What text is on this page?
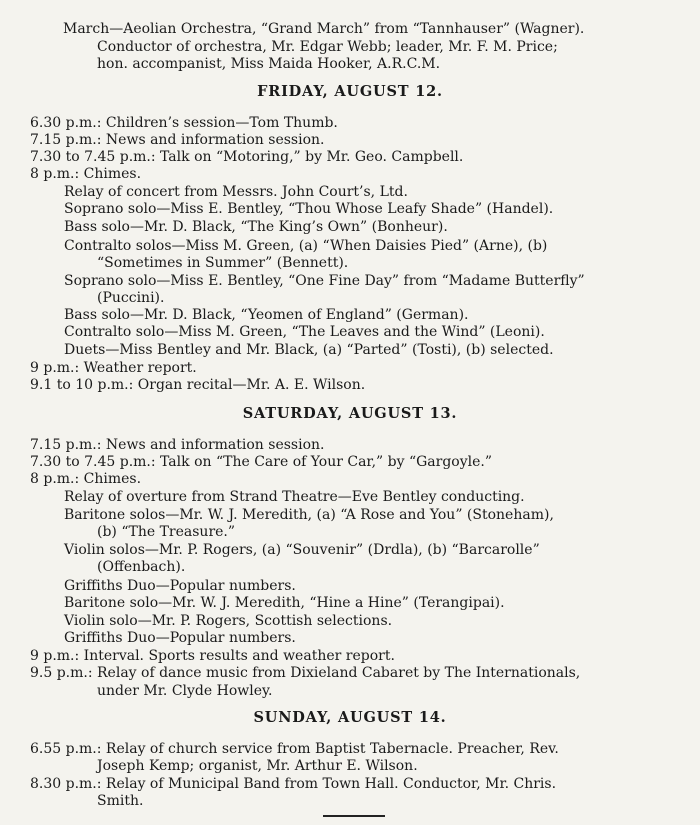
March—Aeolian Orchestra, “Grand March” from “Tannhauser” (Wagner).
Conductor of orchestra, Mr. Edgar Webb; leader, Mr. F. M. Price;
hon. accompanist, Miss Maida Hooker, A.R.C.M.
FRIDAY, AUGUST 12.
6.30 p.m.: Children’s session—Tom Thumb.
7.15 p.m.: News and information session.
7.30 to 7.45 p.m.: Talk on “Motoring,” by Mr. Geo. Campbell.
8 p.m.: Chimes.
Relay of concert from Messrs. John Court’s, Ltd.
Soprano solo—Miss E. Bentley, “Thou Whose Leafy Shade” (Handel).
Bass solo—Mr. D. Black, “The King’s Own” (Bonheur).
Contralto solos—Miss M. Green, (a) “When Daisies Pied” (Arne), (b)
“Sometimes in Summer” (Bennett).
Soprano solo—Miss E. Bentley, “One Fine Day” from “Madame Butterfly”
(Puccini).
Bass solo—Mr. D. Black, “Yeomen of England” (German).
Contralto solo—Miss M. Green, “The Leaves and the Wind” (Leoni).
Duets—Miss Bentley and Mr. Black, (a) “Parted” (Tosti), (b) selected.
9 p.m.: Weather report.
9.1 to 10 p.m.: Organ recital—Mr. A. E. Wilson.
SATURDAY, AUGUST 13.
7.15 p.m.: News and information session.
7.30 to 7.45 p.m.: Talk on “The Care of Your Car,” by “Gargoyle.”
8 p.m.: Chimes.
Relay of overture from Strand Theatre—Eve Bentley conducting.
Baritone solos—Mr. W. J. Meredith, (a) “A Rose and You” (Stoneham),
(b) “The Treasure.”
Violin solos—Mr. P. Rogers, (a) “Souvenir” (Drdla), (b) “Barcarolle”
(Offenbach).
Griffiths Duo—Popular numbers.
Baritone solo—Mr. W. J. Meredith, “Hine a Hine” (Terangipai).
Violin solo—Mr. P. Rogers, Scottish selections.
Griffiths Duo—Popular numbers.
9 p.m.: Interval. Sports results and weather report.
9.5 p.m.: Relay of dance music from Dixieland Cabaret by The Internationals,
under Mr. Clyde Howley.
SUNDAY, AUGUST 14.
6.55 p.m.: Relay of church service from Baptist Tabernacle. Preacher, Rev.
Joseph Kemp; organist, Mr. Arthur E. Wilson.
8.30 p.m.: Relay of Municipal Band from Town Hall. Conductor, Mr. Chris.
Smith.
